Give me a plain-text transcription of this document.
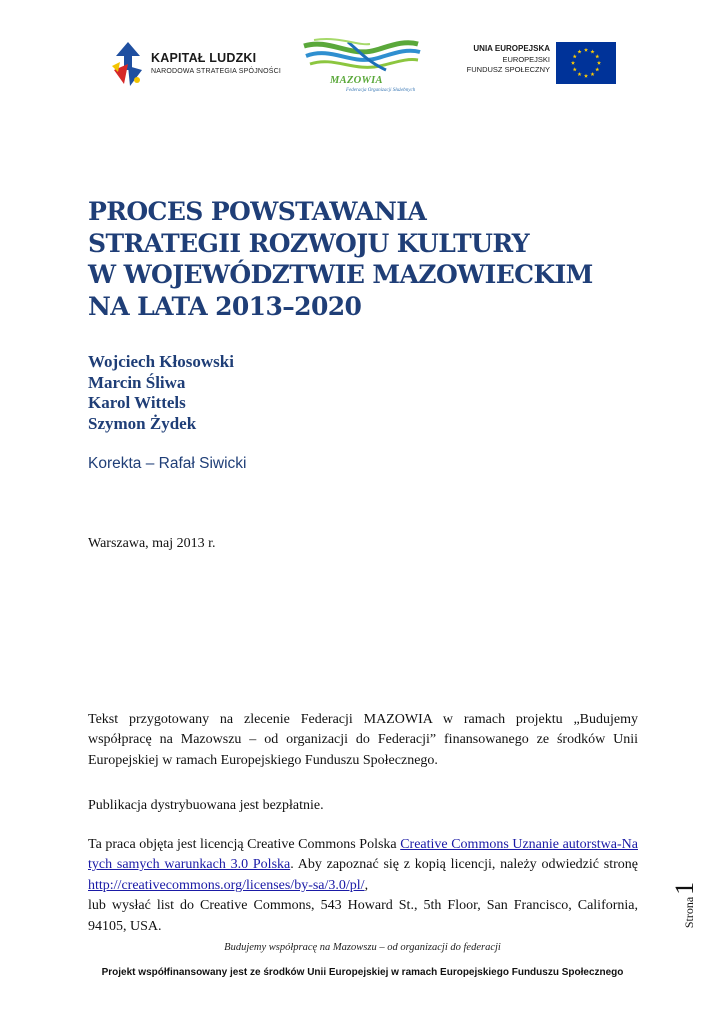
KAPITAŁ LUDZKI
NARODOWA STRATEGIA SPÓJNOŚCI
MAZOWIA
Federacja Organizacji Służebnych
UNIA EUROPEJSKA
EUROPEJSKI
FUNDUSZ SPOŁECZNY
PROCES POWSTAWANIA
STRATEGII ROZWOJU KULTURY
W WOJEWÓDZTWIE MAZOWIECKIM
NA LATA 2013–2020
Wojciech Kłosowski
Marcin Śliwa
Karol Wittels
Szymon Żydek
Korekta – Rafał Siwicki
Warszawa, maj 2013 r.
Tekst przygotowany na zlecenie Federacji MAZOWIA w ramach projektu „Budujemy współpracę na Mazowszu – od organizacji do Federacji” finansowanego ze środków Unii Europejskiej w ramach Europejskiego Funduszu Społecznego.
Publikacja dystrybuowana jest bezpłatnie.
Ta praca objęta jest licencją Creative Commons Polska Creative Commons Uznanie autorstwa-Na tych samych warunkach 3.0 Polska. Aby zapoznać się z kopią licencji, należy odwiedzić stronę http://creativecommons.org/licenses/by-sa/3.0/pl/,
lub wysłać list do Creative Commons, 543 Howard St., 5th Floor, San Francisco, California, 94105, USA.	Strona1
Budujemy współpracę na Mazowszu – od organizacji do federacji
Projekt współfinansowany jest ze środków Unii Europejskiej w ramach Europejskiego Funduszu Społecznego
